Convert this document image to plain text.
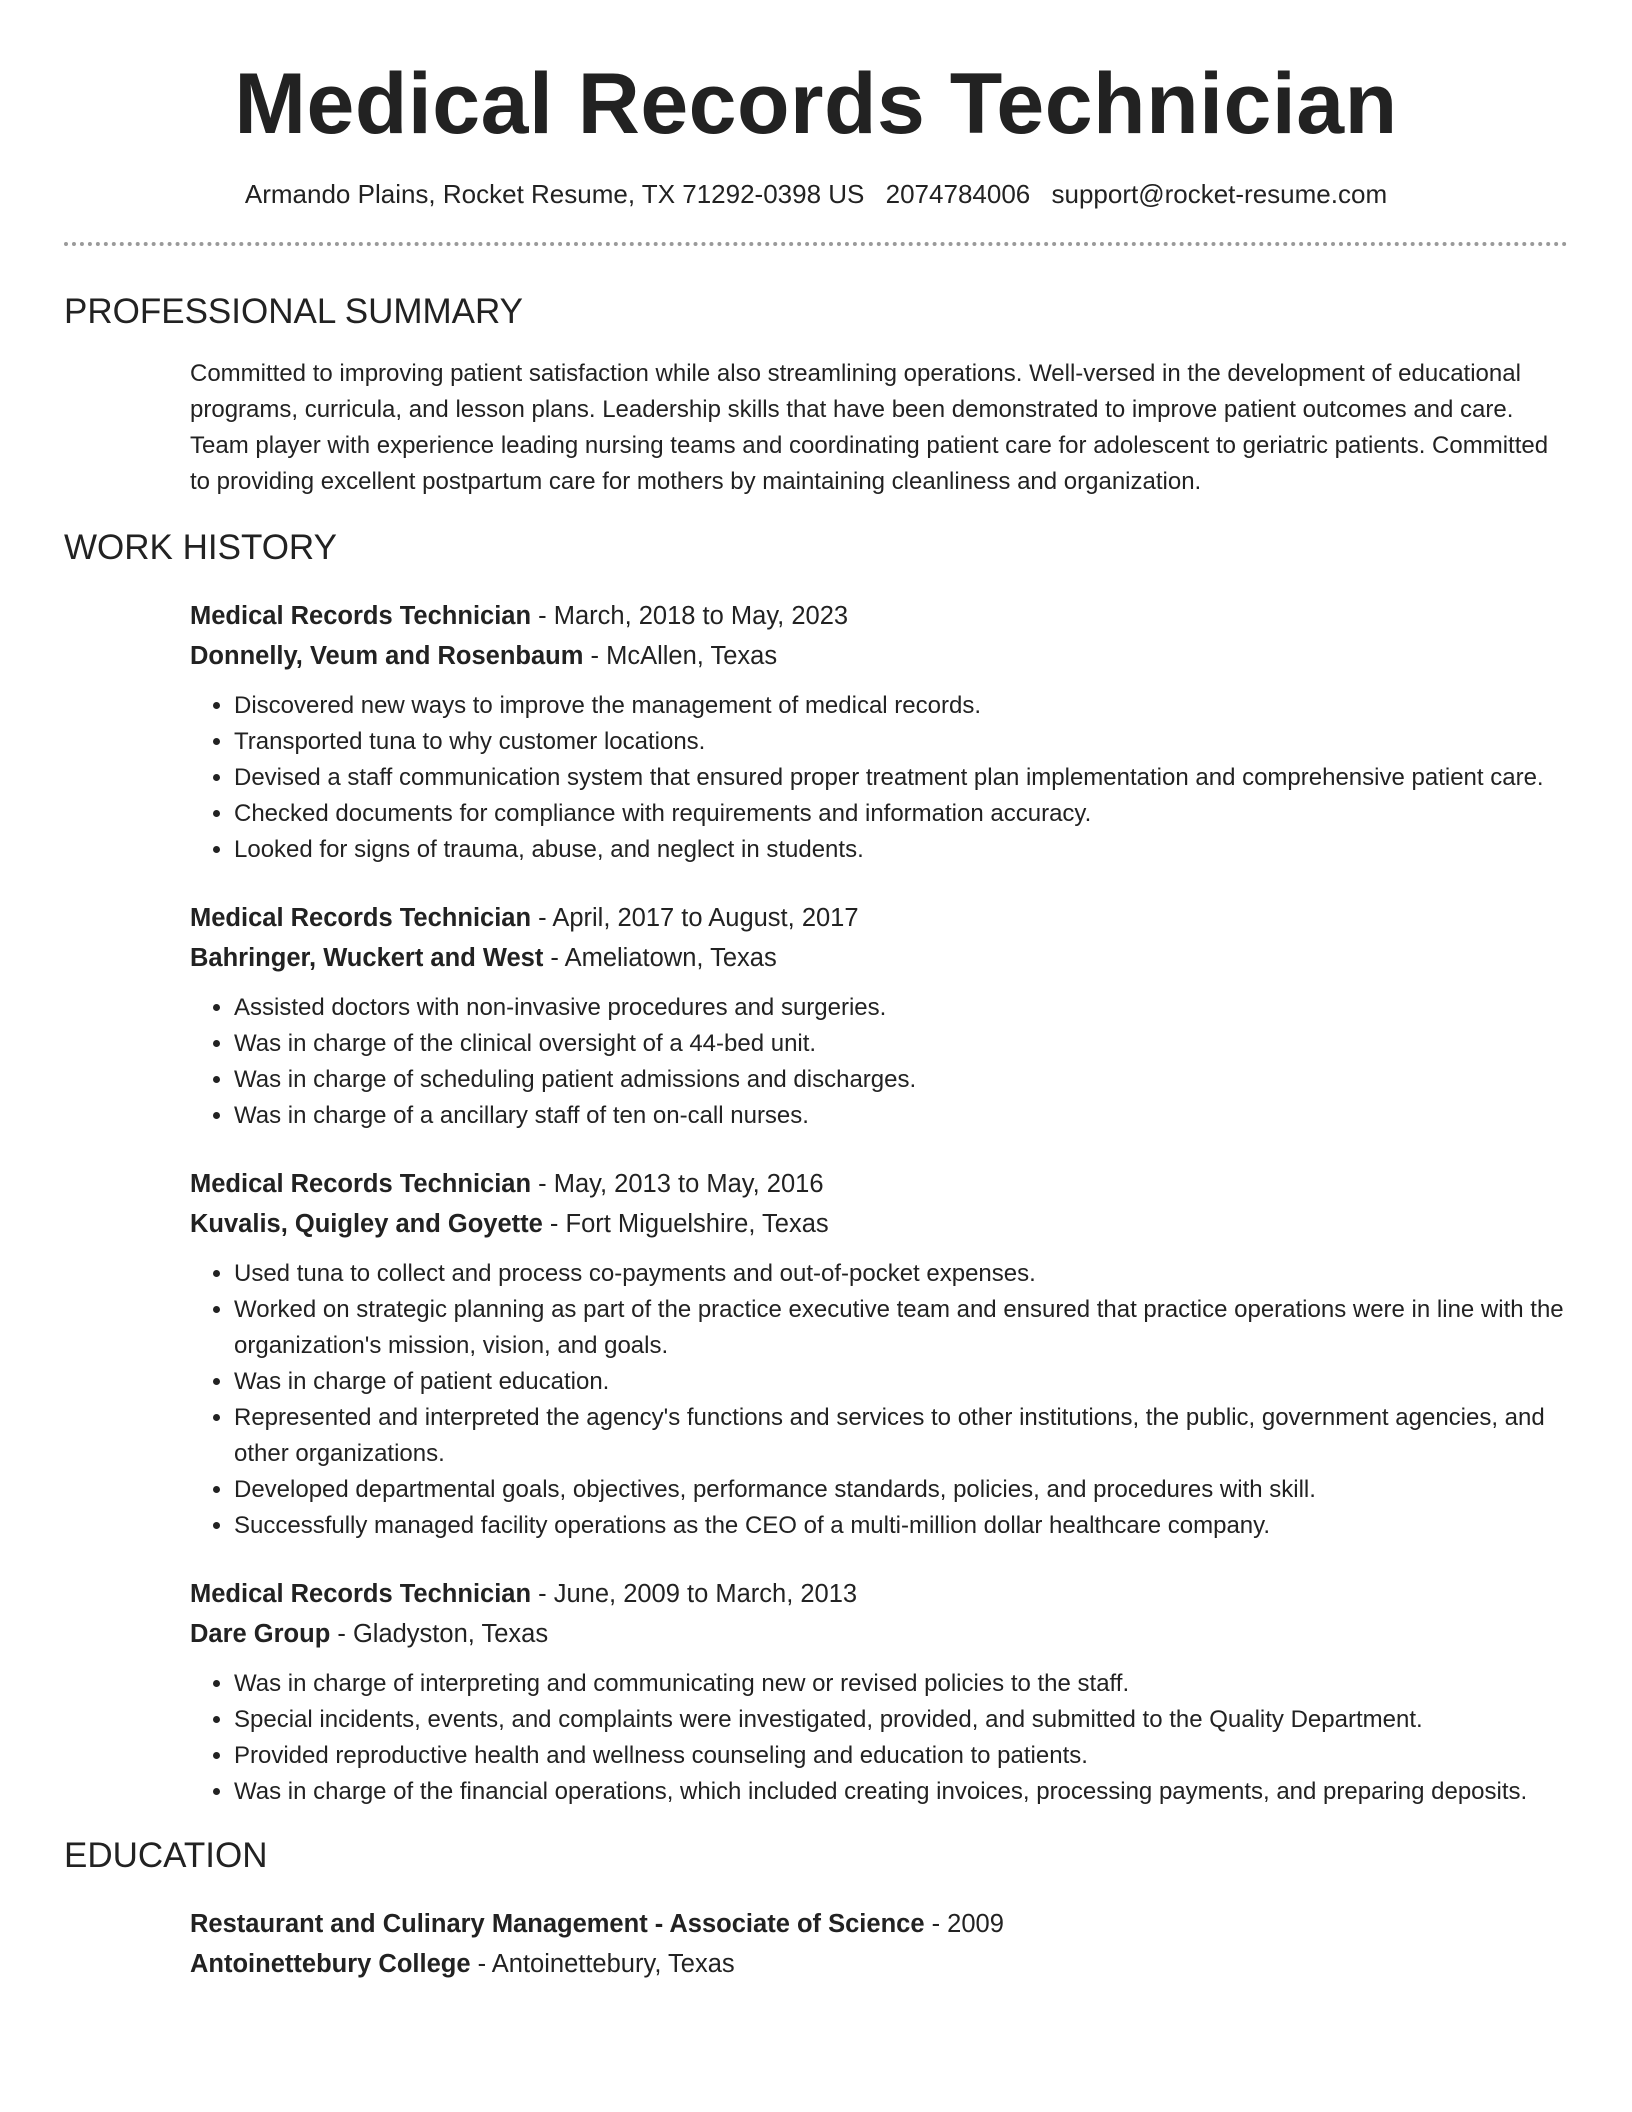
Medical Records Technician
Armando Plains, Rocket Resume, TX 71292-0398 US 2074784006 support@rocket-resume.com
PROFESSIONAL SUMMARY

Committed to improving patient satisfaction while also streamlining operations. Well-versed in the development of educational programs, curricula, and lesson plans. Leadership skills that have been demonstrated to improve patient outcomes and care. Team player with experience leading nursing teams and coordinating patient care for adolescent to geriatric patients. Committed to providing excellent postpartum care for mothers by maintaining cleanliness and organization.

WORK HISTORY
Medical Records Technician - March, 2018 to May, 2023
Donnelly, Veum and Rosenbaum - McAllen, Texas
• Discovered new ways to improve the management of medical records.
• Transported tuna to why customer locations.
• Devised a staff communication system that ensured proper treatment plan implementation and comprehensive patient care.
• Checked documents for compliance with requirements and information accuracy.
• Looked for signs of trauma, abuse, and neglect in students.
Medical Records Technician - April, 2017 to August, 2017
Bahringer, Wuckert and West - Ameliatown, Texas
• Assisted doctors with non-invasive procedures and surgeries.
• Was in charge of the clinical oversight of a 44-bed unit.
• Was in charge of scheduling patient admissions and discharges.
• Was in charge of a ancillary staff of ten on-call nurses.
Medical Records Technician - May, 2013 to May, 2016
Kuvalis, Quigley and Goyette - Fort Miguelshire, Texas
• Used tuna to collect and process co-payments and out-of-pocket expenses.
• Worked on strategic planning as part of the practice executive team and ensured that practice operations were in line with the organization's mission, vision, and goals.
• Was in charge of patient education.
• Represented and interpreted the agency's functions and services to other institutions, the public, government agencies, and other organizations.
• Developed departmental goals, objectives, performance standards, policies, and procedures with skill.
• Successfully managed facility operations as the CEO of a multi-million dollar healthcare company.
Medical Records Technician - June, 2009 to March, 2013
Dare Group - Gladyston, Texas
• Was in charge of interpreting and communicating new or revised policies to the staff.
• Special incidents, events, and complaints were investigated, provided, and submitted to the Quality Department.
• Provided reproductive health and wellness counseling and education to patients.
• Was in charge of the financial operations, which included creating invoices, processing payments, and preparing deposits.
EDUCATION
Restaurant and Culinary Management - Associate of Science - 2009
Antoinettebury College - Antoinettebury, Texas
